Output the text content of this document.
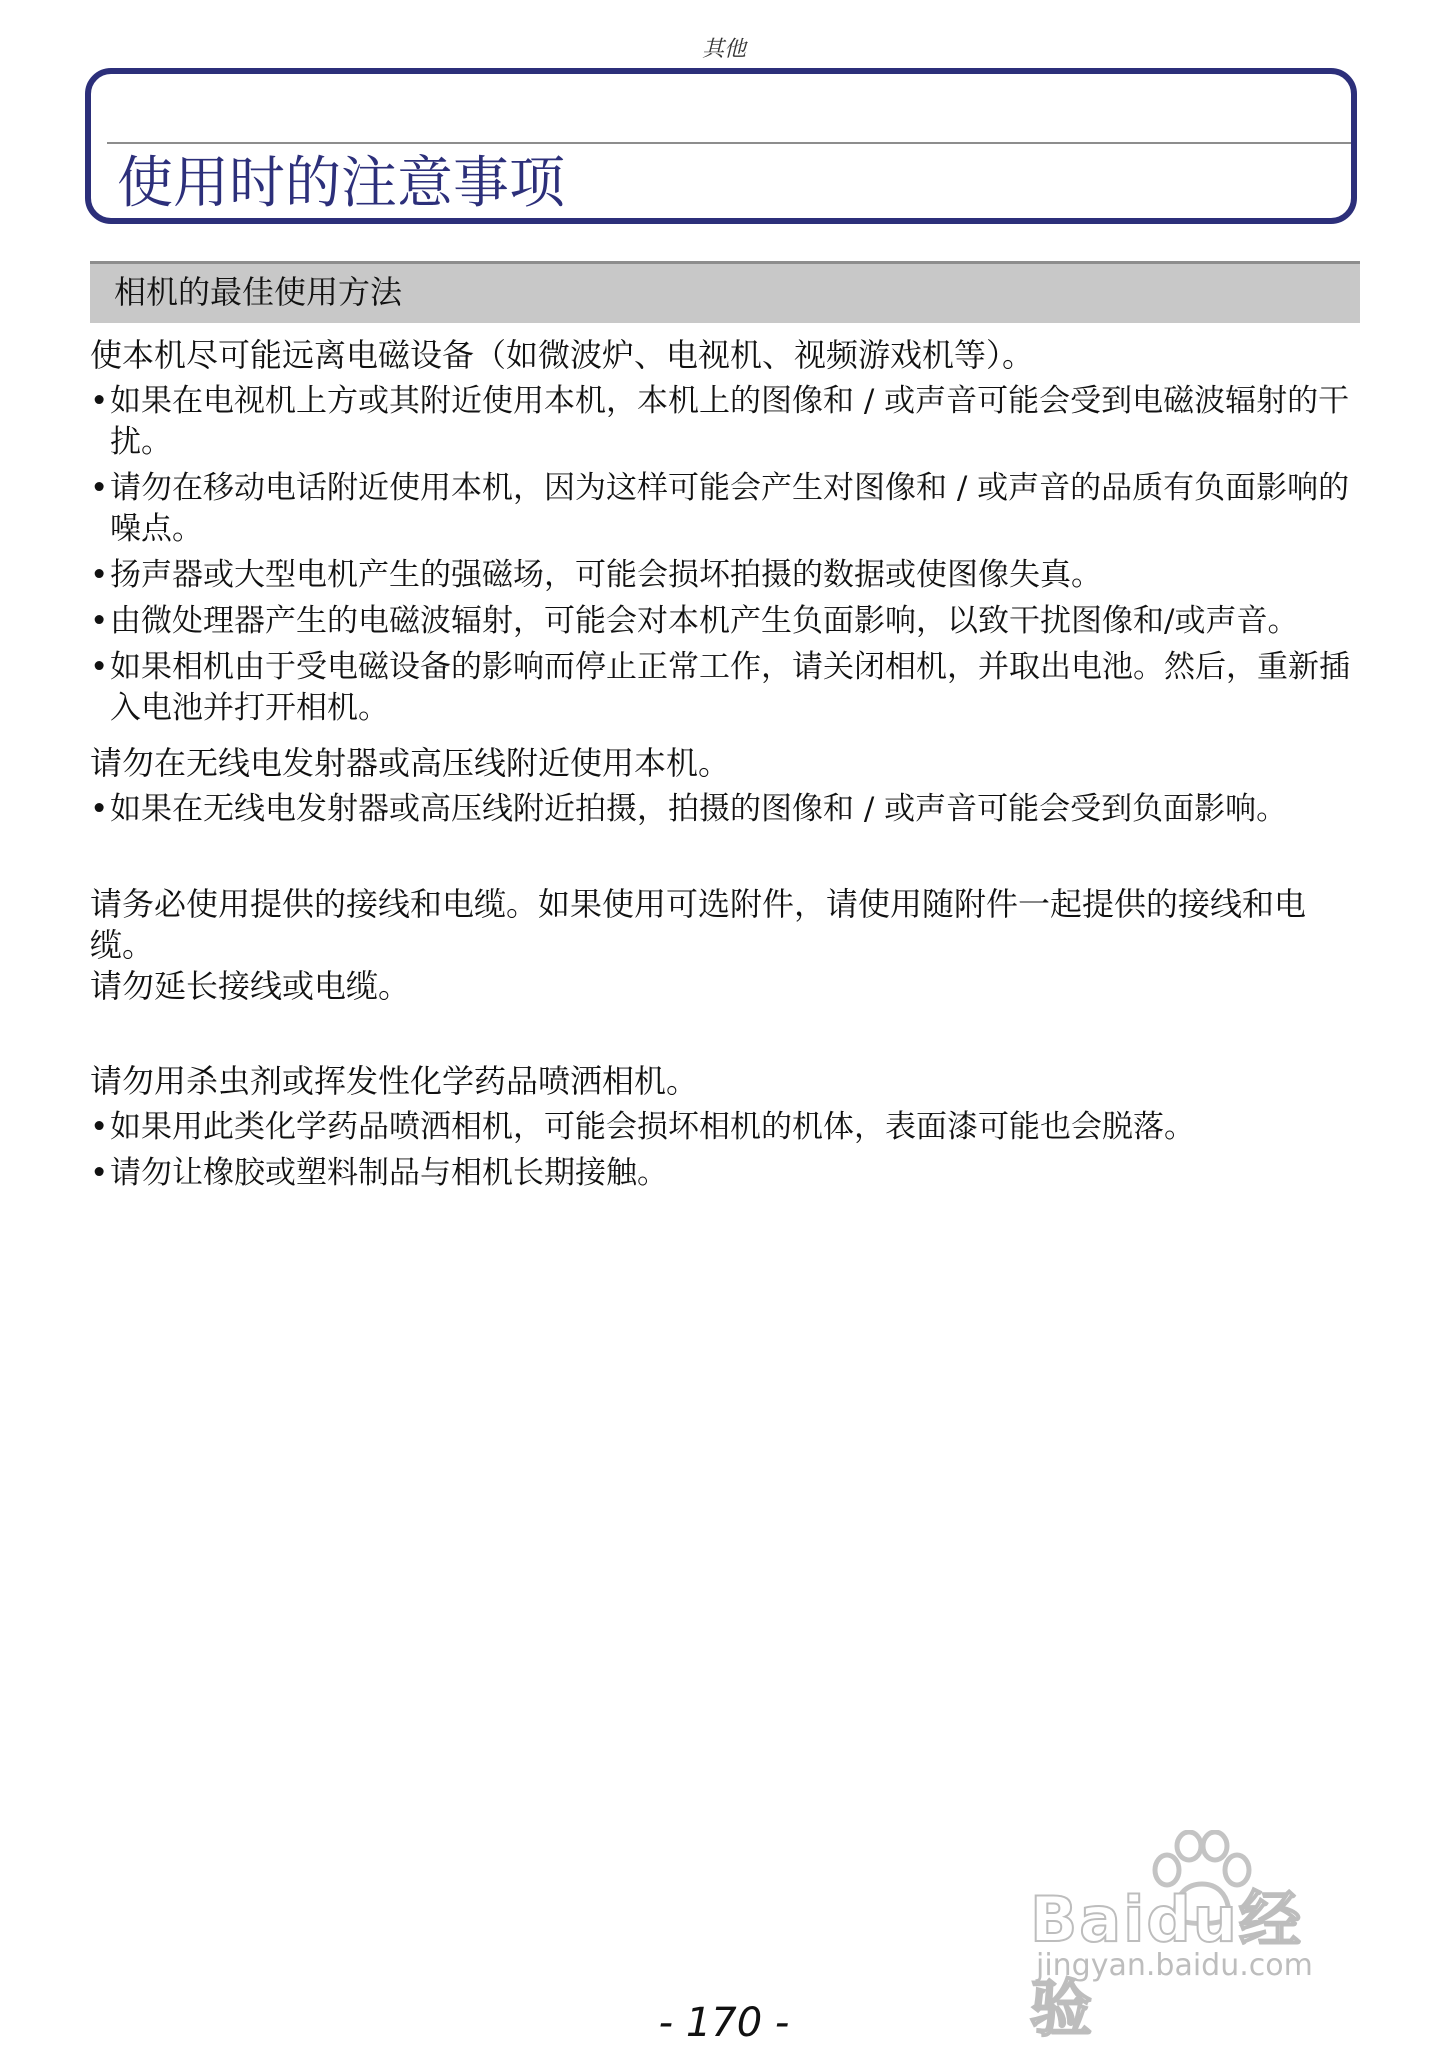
其他
使用时的注意事项
相机的最佳使用方法

使本机尽可能远离电磁设备（如微波炉、电视机、视频游戏机等）。

• 如果在电视机上方或其附近使用本机，本机上的图像和 / 或声音可能会受到电磁波辐射的干扰。
• 请勿在移动电话附近使用本机，因为这样可能会产生对图像和 / 或声音的品质有负面影响的噪点。
• 扬声器或大型电机产生的强磁场，可能会损坏拍摄的数据或使图像失真。
• 由微处理器产生的电磁波辐射，可能会对本机产生负面影响，以致干扰图像和/或声音。
• 如果相机由于受电磁设备的影响而停止正常工作，请关闭相机，并取出电池。然后，重新插入电池并打开相机。

请勿在无线电发射器或高压线附近使用本机。

• 如果在无线电发射器或高压线附近拍摄，拍摄的图像和 / 或声音可能会受到负面影响。

请务必使用提供的接线和电缆。如果使用可选附件，请使用随附件一起提供的接线和电缆。

请勿延长接线或电缆。

请勿用杀虫剂或挥发性化学药品喷洒相机。

• 如果用此类化学药品喷洒相机，可能会损坏相机的机体，表面漆可能也会脱落。
• 请勿让橡胶或塑料制品与相机长期接触。
Baidu经验
jingyan.baidu.com
- 170 -
